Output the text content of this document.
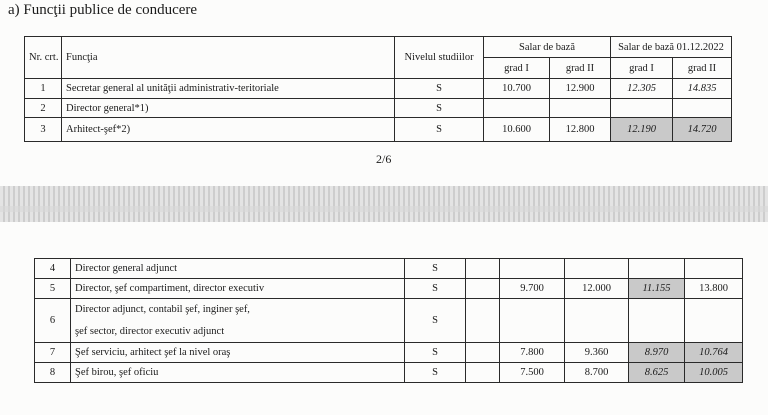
a) Funcţii publice de conducere
Nr. crt.	Funcţia	Nivelul studiilor	Salar de bază		Salar de bază 01.12.2022	
			grad I	grad II	grad I	grad II
1	Secretar general al unităţii administrativ-teritoriale	S	10.700	12.900	12.305	14.835
2	Director general*1)	S				
3	Arhitect-şef*2)	S	10.600	12.800	12.190	14.720
2/6
4	Director general adjunct	S					
5	Director, şef compartiment, director executiv	S		9.700	12.000	11.155	13.800
6	Director adjunct, contabil şef, inginer şef,
şef sector, director executiv adjunct	S					
7	Şef serviciu, arhitect şef la nivel oraş	S		7.800	9.360	8.970	10.764
8	Şef birou, şef oficiu	S		7.500	8.700	8.625	10.005
